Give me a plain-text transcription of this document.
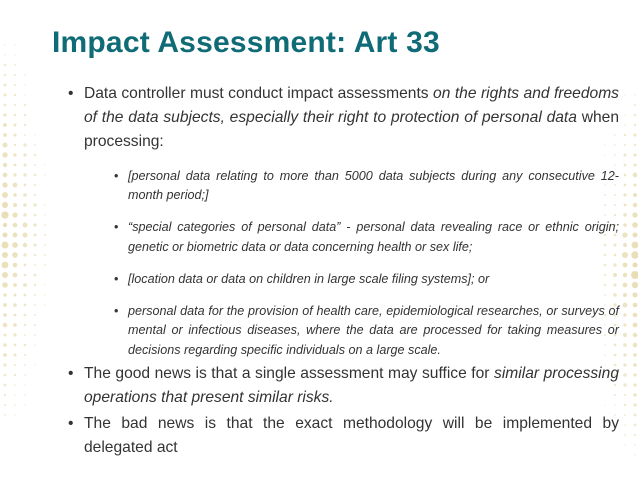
Impact Assessment: Art 33

• Data controller must conduct impact assessments on the rights and freedoms of the data subjects, especially their right to protection of personal data when processing:

• [personal data relating to more than 5000 data subjects during any consecutive 12-month period;]

• “special categories of personal data” - personal data revealing race or ethnic origin; genetic or biometric data or data concerning health or sex life;

• [location data or data on children in large scale filing systems]; or

• personal data for the provision of health care, epidemiological researches, or surveys of mental or infectious diseases, where the data are processed for taking measures or decisions regarding specific individuals on a large scale.

• The good news is that a single assessment may suffice for similar processing operations that present similar risks.

• The bad news is that the exact methodology will be implemented by delegated act
